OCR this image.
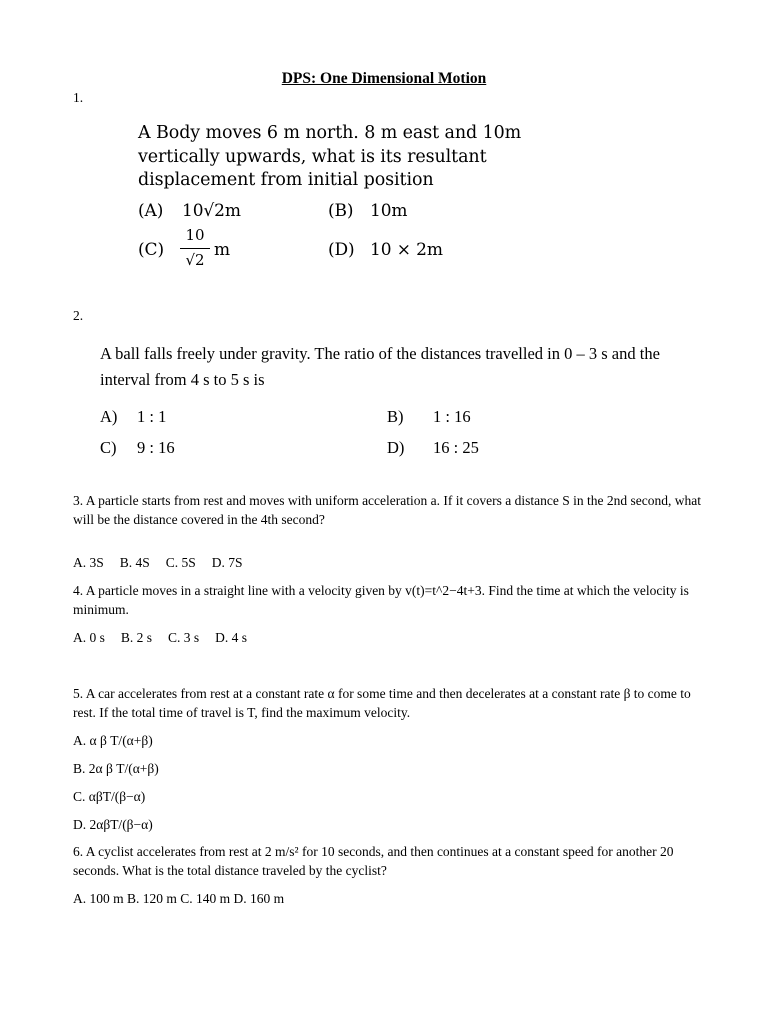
DPS: One Dimensional Motion
1.
A Body moves 6 m north. 8 m east and 10m
vertically upwards, what is its resultant
displacement from initial position
(A) 10√2m	(B) 10m
$(C) \frac{10}{√2}$ m	(D) 10 × 2m
2.
A ball falls freely under gravity. The ratio of the distances travelled in 0 – 3 s and the
interval from 4 s to 5 s is
A) 1 : 1	B) 1 : 16
C) 9 : 16	D) 16 : 25
3. A particle starts from rest and moves with uniform acceleration a. If it covers a distance S in the 2nd second, what will be the distance covered in the 4th second?
A. 3S B. 4S C. 5S D. 7S
4. A particle moves in a straight line with a velocity given by v(t)=t^2−4t+3. Find the time at which the velocity is minimum.
A. 0 s B. 2 s C. 3 s D. 4 s
5. A car accelerates from rest at a constant rate α for some time and then decelerates at a constant rate β to come to rest. If the total time of travel is T, find the maximum velocity.
A. α β T/(α+β)
B. 2α β T/(α+β)
C. αβT/(β−α)
D. 2αβT/(β−α)
6. A cyclist accelerates from rest at 2 m/s² for 10 seconds, and then continues at a constant speed for another 20 seconds. What is the total distance traveled by the cyclist?
A. 100 m B. 120 m C. 140 m D. 160 m
